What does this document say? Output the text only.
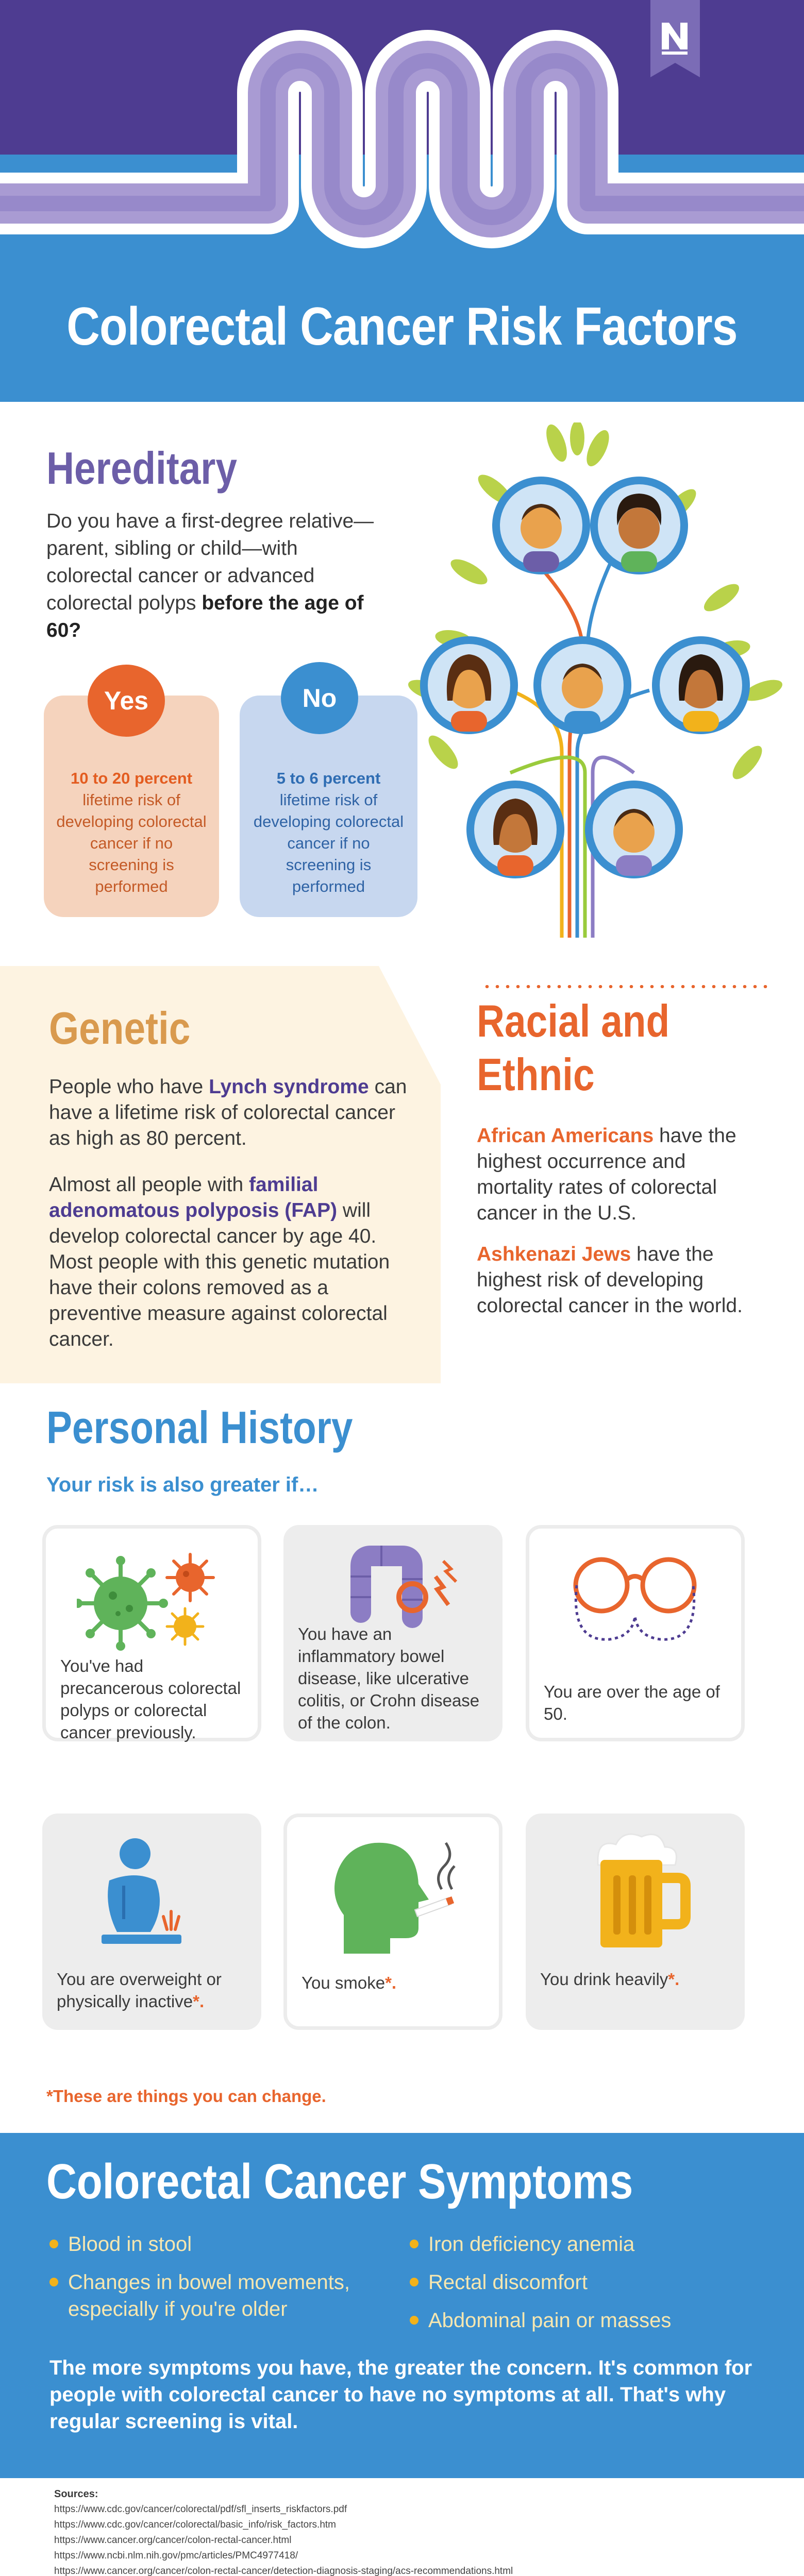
Colorectal Cancer Risk Factors
Hereditary
Do you have a first-degree relative—parent, sibling or child—with colorectal cancer or advanced colorectal polyps before the age of 60?
10 to 20 percent
lifetime risk of developing colorectal cancer if no screening is performed
Yes
5 to 6 percent
lifetime risk of developing colorectal cancer if no screening is performed
No
Genetic
People who have Lynch syndrome can have a lifetime risk of colorectal cancer as high as 80 percent.
Almost all people with familial adenomatous polyposis (FAP) will develop colorectal cancer by age 40. Most people with this genetic mutation have their colons removed as a preventive measure against colorectal cancer.
Racial and Ethnic
African Americans have the highest occurrence and mortality rates of colorectal cancer in the U.S.
Ashkenazi Jews have the highest risk of developing colorectal cancer in the world.
Personal History
Your risk is also greater if…
You've had precancerous colorectal polyps or colorectal cancer previously.
You have an inflammatory bowel disease, like ulcerative colitis, or Crohn disease of the colon.
You are over the age of 50.
You are overweight or physically inactive*.
You smoke*.	You drink heavily*.
*These are things you can change.
Colorectal Cancer Symptoms
Blood in stool
Changes in bowel movements, especially if you're older
Iron deficiency anemia
Rectal discomfort
Abdominal pain or masses
The more symptoms you have, the greater the concern. It's common for people with colorectal cancer to have no symptoms at all. That's why regular screening is vital.
Sources:
https://www.cdc.gov/cancer/colorectal/pdf/sfl_inserts_riskfactors.pdf
https://www.cdc.gov/cancer/colorectal/basic_info/risk_factors.htm
https://www.cancer.org/cancer/colon-rectal-cancer.html
https://www.ncbi.nlm.nih.gov/pmc/articles/PMC4977418/
https://www.cancer.org/cancer/colon-rectal-cancer/detection-diagnosis-staging/acs-recommendations.html
